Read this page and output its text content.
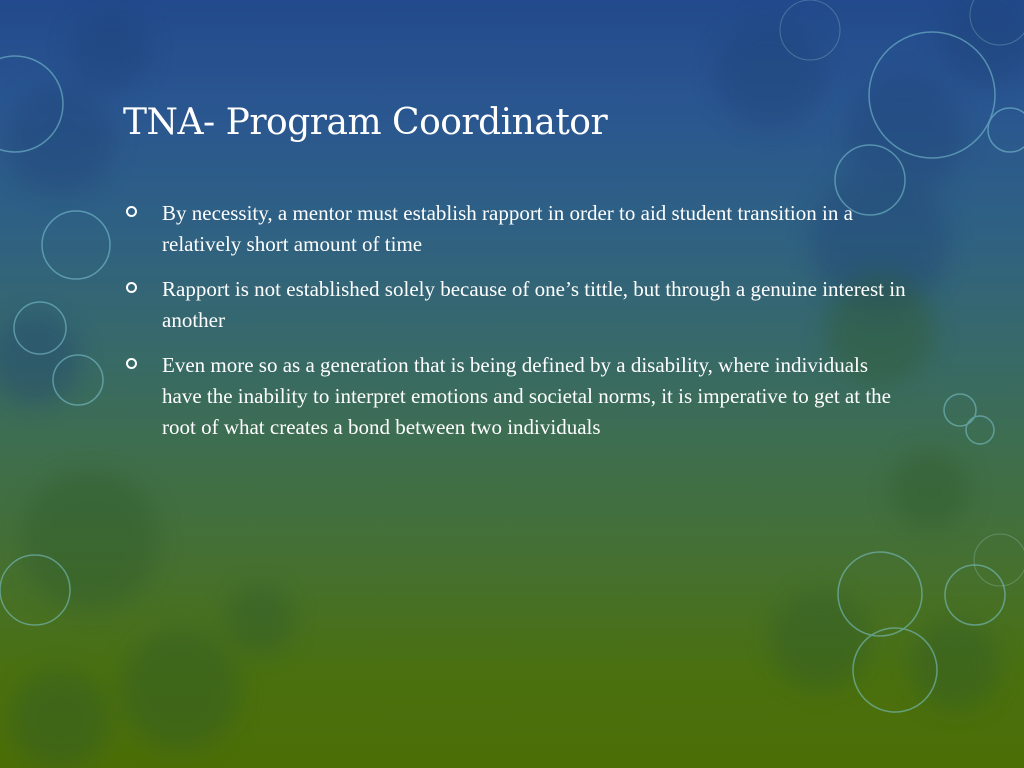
TNA- Program Coordinator
By necessity, a mentor must establish rapport in order to aid student transition in a relatively short amount of time
Rapport is not established solely because of one’s tittle, but through a genuine interest in another
Even more so as a generation that is being defined by a disability, where individuals have the inability to interpret emotions and societal norms, it is imperative to get at the root of what creates a bond between two individuals
